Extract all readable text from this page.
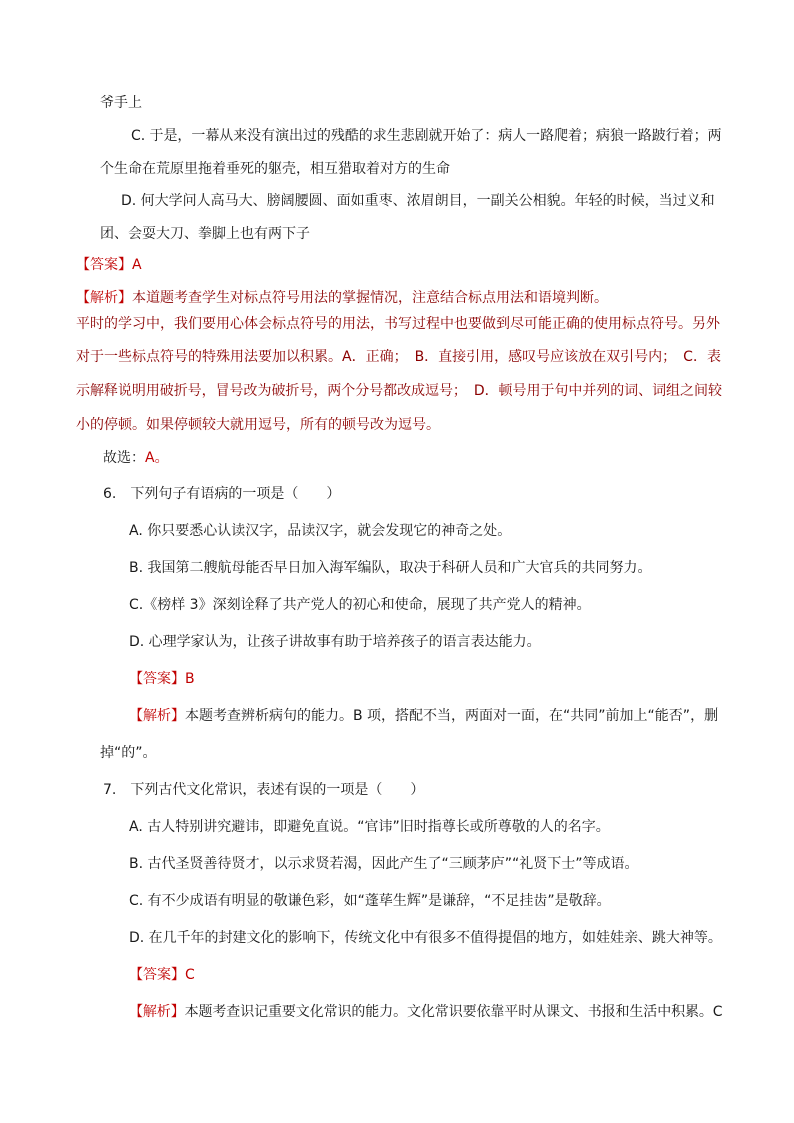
爷手上
C. 于是，一幕从来没有演出过的残酷的求生悲剧就开始了：病人一路爬着；病狼一路跛行着；两
个生命在荒原里拖着垂死的躯壳，相互猎取着对方的生命
D. 何大学问人高马大、膀阔腰圆、面如重枣、浓眉朗目，一副关公相貌。年轻的时候，当过义和
团、会耍大刀、拳脚上也有两下子
【答案】A
【解析】本道题考查学生对标点符号用法的掌握情况，注意结合标点用法和语境判断。
平时的学习中，我们要用心体会标点符号的用法，书写过程中也要做到尽可能正确的使用标点符号。另外
对于一些标点符号的特殊用法要加以积累。A．正确；　B．直接引用，感叹号应该放在双引号内；　C．表
示解释说明用破折号，冒号改为破折号，两个分号都改成逗号；　D．顿号用于句中并列的词、词组之间较
小的停顿。如果停顿较大就用逗号，所有的顿号改为逗号。
故选：A。
6.　下列句子有语病的一项是（　　）
A. 你只要悉心认读汉字，品读汉字，就会发现它的神奇之处。
B. 我国第二艘航母能否早日加入海军编队，取决于科研人员和广大官兵的共同努力。
C.《榜样 3》深刻诠释了共产党人的初心和使命，展现了共产党人的精神。
D. 心理学家认为，让孩子讲故事有助于培养孩子的语言表达能力。
【答案】B
【解析】本题考查辨析病句的能力。B 项，搭配不当，两面对一面，在“共同”前加上“能否”，删
掉“的”。
7.　下列古代文化常识，表述有误的一项是（　　）
A. 古人特别讲究避讳，即避免直说。“官讳”旧时指尊长或所尊敬的人的名字。
B. 古代圣贤善待贤才，以示求贤若渴，因此产生了“三顾茅庐”“礼贤下士”等成语。
C. 有不少成语有明显的敬谦色彩，如“蓬荜生辉”是谦辞，“不足挂齿”是敬辞。
D. 在几千年的封建文化的影响下，传统文化中有很多不值得提倡的地方，如娃娃亲、跳大神等。
【答案】C
【解析】本题考查识记重要文化常识的能力。文化常识要依靠平时从课文、书报和生活中积累。C
